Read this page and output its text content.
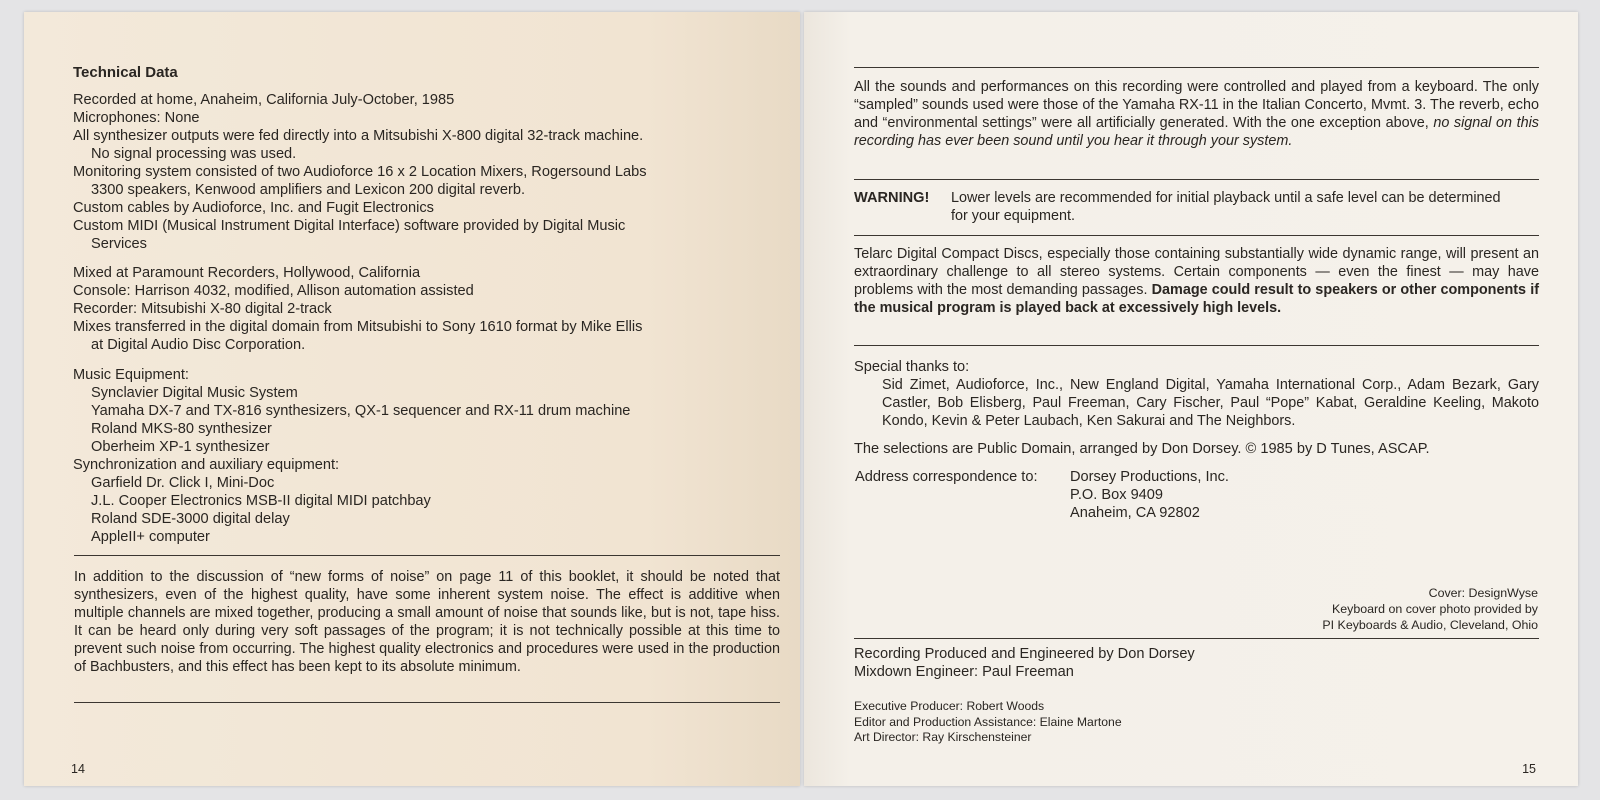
Technical Data
Recorded at home, Anaheim, California July-October, 1985
Microphones: None
All synthesizer outputs were fed directly into a Mitsubishi X-800 digital 32-track machine.
No signal processing was used.
Monitoring system consisted of two Audioforce 16 x 2 Location Mixers, Rogersound Labs
3300 speakers, Kenwood amplifiers and Lexicon 200 digital reverb.
Custom cables by Audioforce, Inc. and Fugit Electronics
Custom MIDI (Musical Instrument Digital Interface) software provided by Digital Music
Services
Mixed at Paramount Recorders, Hollywood, California
Console: Harrison 4032, modified, Allison automation assisted
Recorder: Mitsubishi X-80 digital 2-track
Mixes transferred in the digital domain from Mitsubishi to Sony 1610 format by Mike Ellis
at Digital Audio Disc Corporation.
Music Equipment:
Synclavier Digital Music System
Yamaha DX-7 and TX-816 synthesizers, QX-1 sequencer and RX-11 drum machine
Roland MKS-80 synthesizer
Oberheim XP-1 synthesizer
Synchronization and auxiliary equipment:
Garfield Dr. Click I, Mini-Doc
J.L. Cooper Electronics MSB-II digital MIDI patchbay
Roland SDE-3000 digital delay
AppleII+ computer
In addition to the discussion of “new forms of noise” on page 11 of this booklet, it should be noted that synthesizers, even of the highest quality, have some inherent system noise. The effect is additive when multiple channels are mixed together, producing a small amount of noise that sounds like, but is not, tape hiss. It can be heard only during very soft passages of the program; it is not technically possible at this time to prevent such noise from occurring. The highest quality electronics and procedures were used in the production of Bachbusters, and this effect has been kept to its absolute minimum.
14
All the sounds and performances on this recording were controlled and played from a keyboard. The only “sampled” sounds used were those of the Yamaha RX-11 in the Italian Concerto, Mvmt. 3. The reverb, echo and “environmental settings” were all artificially generated. With the one exception above, no signal on this recording has ever been sound until you hear it through your system.
WARNING!	Lower levels are recommended for initial playback until a safe level can be determined for your equipment.
Telarc Digital Compact Discs, especially those containing substantially wide dynamic range, will present an extraordinary challenge to all stereo systems. Certain components — even the finest — may have problems with the most demanding passages. Damage could result to speakers or other components if the musical program is played back at excessively high levels.
Special thanks to:
Sid Zimet, Audioforce, Inc., New England Digital, Yamaha International Corp., Adam Bezark, Gary Castler, Bob Elisberg, Paul Freeman, Cary Fischer, Paul “Pope” Kabat, Geraldine Keeling, Makoto Kondo, Kevin & Peter Laubach, Ken Sakurai and The Neighbors.
The selections are Public Domain, arranged by Don Dorsey. © 1985 by D Tunes, ASCAP.
Address correspondence to: Dorsey Productions, Inc.
P.O. Box 9409
Anaheim, CA 92802
Cover: DesignWyse
Keyboard on cover photo provided by
PI Keyboards & Audio, Cleveland, Ohio
Recording Produced and Engineered by Don Dorsey
Mixdown Engineer: Paul Freeman
Executive Producer: Robert Woods
Editor and Production Assistance: Elaine Martone
Art Director: Ray Kirschensteiner
15
